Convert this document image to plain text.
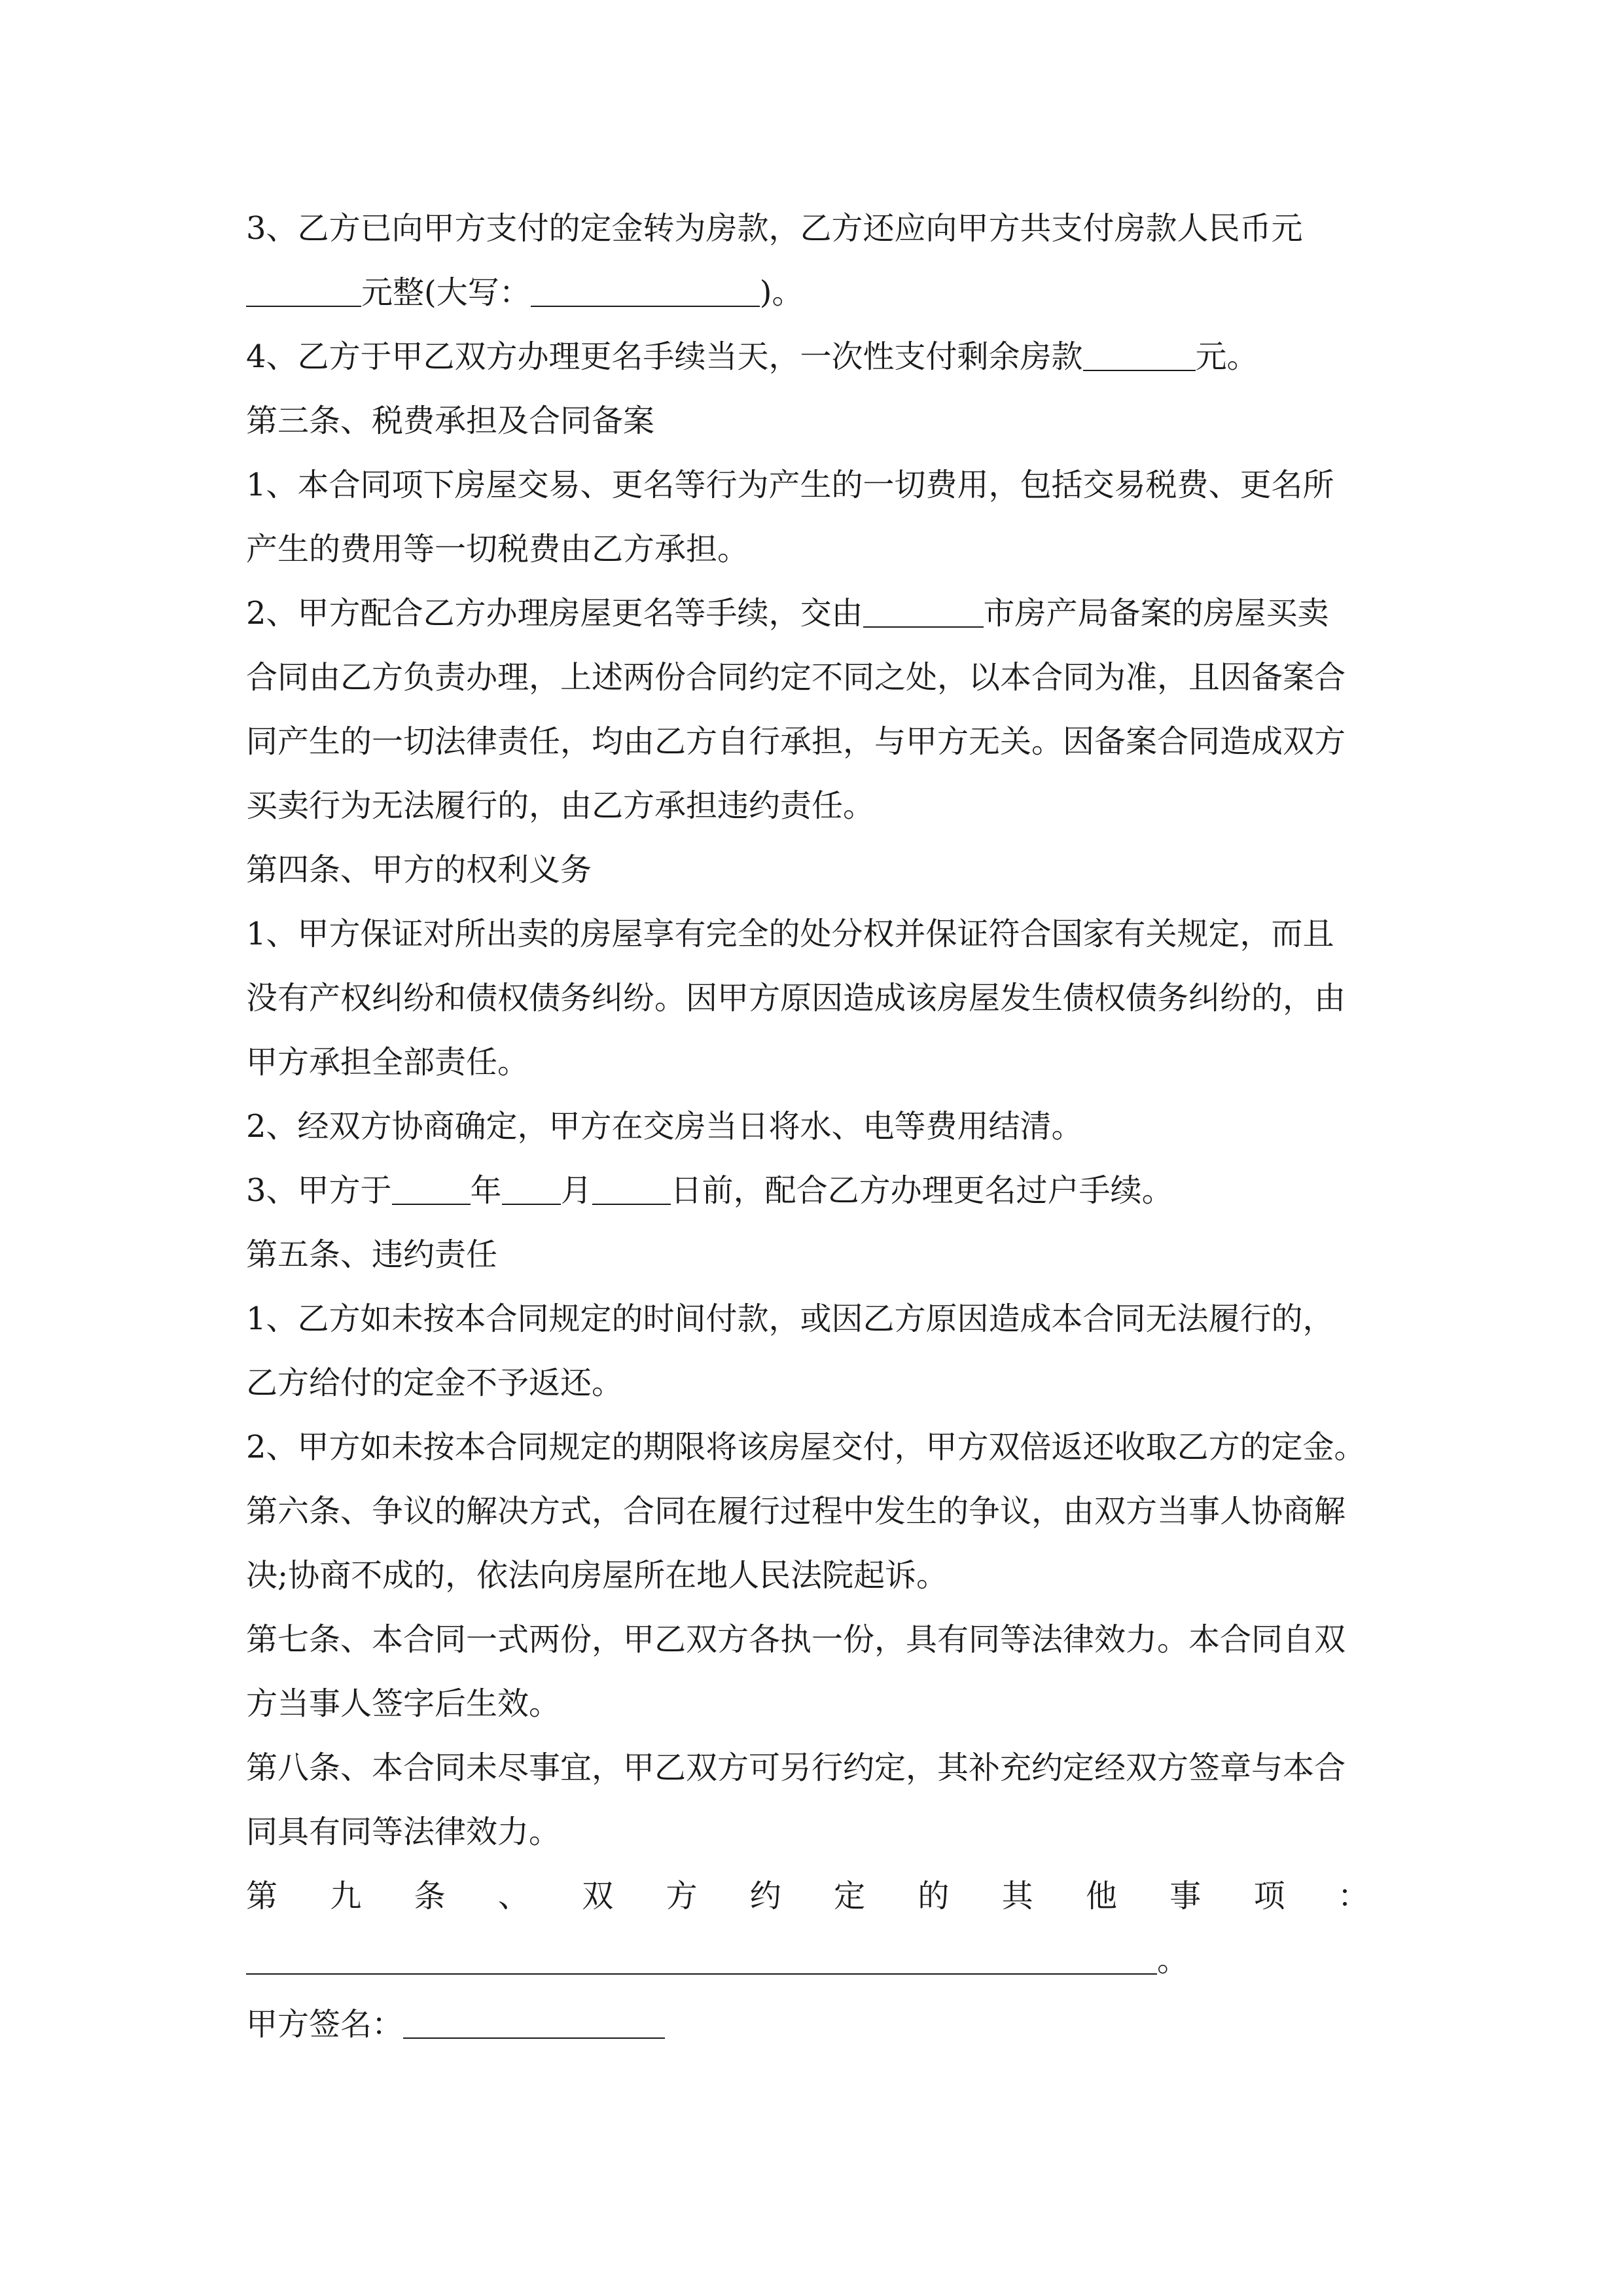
3、乙方已向甲方支付的定金转为房款，乙方还应向甲方共支付房款人民币元
元整(大写：	)。
4、乙方于甲乙双方办理更名手续当天，一次性支付剩余房款	元。
第三条、税费承担及合同备案
1、本合同项下房屋交易、更名等行为产生的一切费用，包括交易税费、更名所
产生的费用等一切税费由乙方承担。
2、甲方配合乙方办理房屋更名等手续，交由	市房产局备案的房屋买卖
合同由乙方负责办理，上述两份合同约定不同之处，以本合同为准，且因备案合
同产生的一切法律责任，均由乙方自行承担，与甲方无关。因备案合同造成双方
买卖行为无法履行的，由乙方承担违约责任。
第四条、甲方的权利义务
1、甲方保证对所出卖的房屋享有完全的处分权并保证符合国家有关规定，而且
没有产权纠纷和债权债务纠纷。因甲方原因造成该房屋发生债权债务纠纷的，由
甲方承担全部责任。
2、经双方协商确定，甲方在交房当日将水、电等费用结清。
3、甲方于	年 月	日前，配合乙方办理更名过户手续。
第五条、违约责任
1、乙方如未按本合同规定的时间付款，或因乙方原因造成本合同无法履行的，
乙方给付的定金不予返还。
2、甲方如未按本合同规定的期限将该房屋交付，甲方双倍返还收取乙方的定金。
第六条、争议的解决方式，合同在履行过程中发生的争议，由双方当事人协商解
决;协商不成的，依法向房屋所在地人民法院起诉。
第七条、本合同一式两份，甲乙双方各执一份，具有同等法律效力。本合同自双
方当事人签字后生效。
第八条、本合同未尽事宜，甲乙双方可另行约定，其补充约定经双方签章与本合
同具有同等法律效力。
第 九 条 、 双 方 约 定 的 其 他 事 项 ：
。
甲方签名：
